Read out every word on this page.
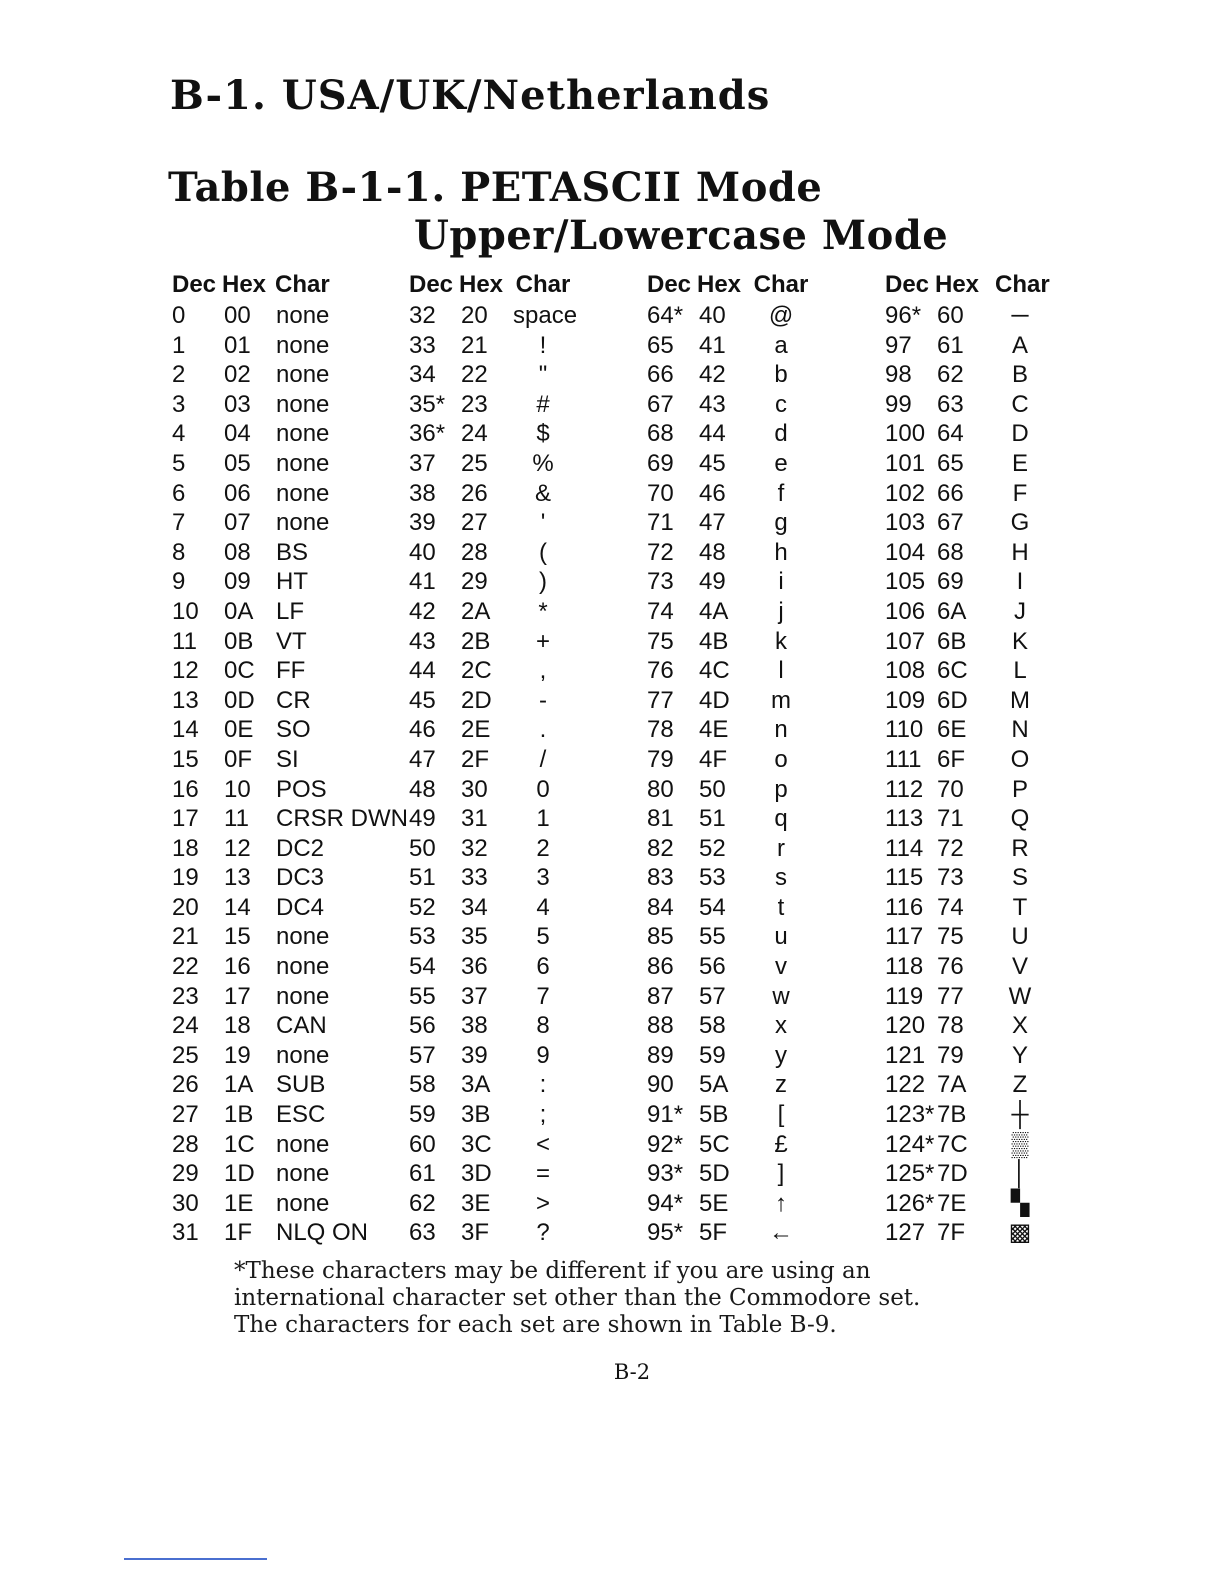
B-1. USA/UK/Netherlands
Table B-1-1. PETASCII Mode
Upper/Lowercase Mode
Dec Hex Char
0 00 none
1 01 none
2 02 none
3 03 none
4 04 none
5 05 none
6 06 none
7 07 none
8 08 BS
9 09 HT
10 0A LF
11 0B VT
12 0C FF
13 0D CR
14 0E SO
15 0F SI
16 10 POS
17 11 CRSR DWN
18 12 DC2
19 13 DC3
20 14 DC4
21 15 none
22 16 none
23 17 none
24 18 CAN
25 19 none
26 1A SUB
27 1B ESC
28 1C none
29 1D none
30 1E none
31 1F NLQ ON
Dec Hex Char
32 20 space
33 21	!
34 22	"
35* 23	#
36* 24	$
37 25	%
38 26	&
39 27	'
40 28	(
41 29	)
42 2A	*
43 2B	+
44 2C	,
45 2D	-
46 2E	.
47 2F	/
48 30	0
49 31	1
50 32	2
51 33	3
52 34	4
53 35	5
54 36	6
55 37	7
56 38	8
57 39	9
58 3A	:
59 3B	;
60 3C	<
61 3D	=
62 3E	>
63 3F	?
Dec Hex Char
64* 40	@
65 41	a
66 42	b
67 43	c
68 44	d
69 45	e
70 46	f
71 47	g
72 48	h
73 49	i
74 4A	j
75 4B	k
76 4C	l
77 4D	m
78 4E	n
79 4F	o
80 50	p
81 51	q
82 52	r
83 53	s
84 54	t
85 55	u
86 56	v
87 57	w
88 58	x
89 59	y
90 5A	z
91* 5B	[
92* 5C	£
93* 5D	]
94* 5E	↑
95* 5F	←
Dec Hex Char
96* 60	─
97 61	A
98 62	B
99 63	C
100 64	D
101 65	E
102 66	F
103 67	G
104 68	H
105 69	I
106 6A	J
107 6B	K
108 6C	L
109 6D	M
110 6E	N
111 6F	O
112 70	P
113 71	Q
114 72	R
115 73	S
116 74	T
117 75	U
118 76	V
119 77	W
120 78	X
121 79	Y
122 7A	Z
123* 7B	┼
124* 7C	▒
125* 7D	│
126* 7E	▚
127 7F	▩

*These characters may be different if you are using an international character set other than the Commodore set. The characters for each set are shown in Table B-9.

B-2
